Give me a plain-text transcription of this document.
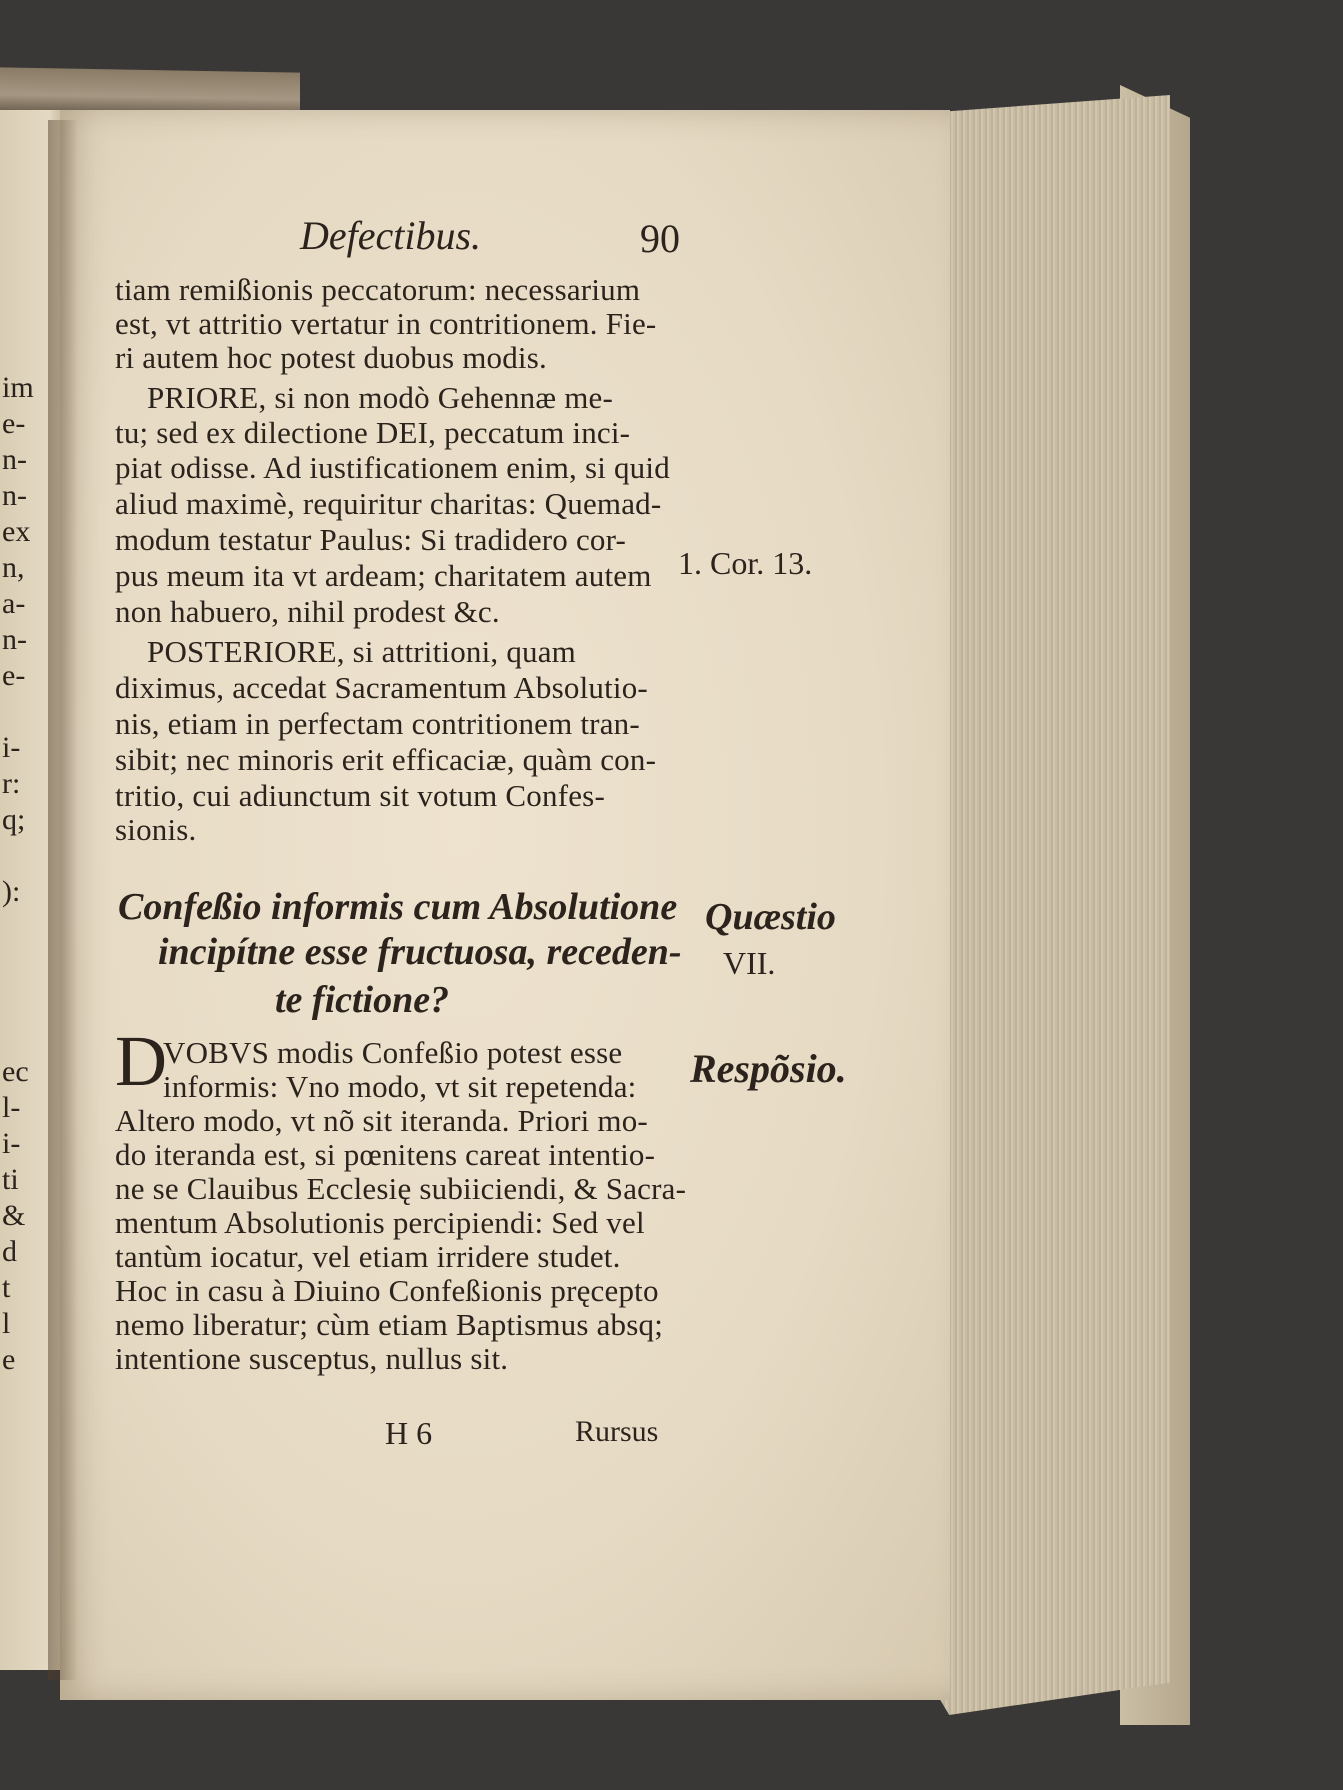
im
e-
n-
n-
ex
n,
a-
n-
e-
i-
r:
q;
):
ec
l-
i-
ti
&
d
t
l
e
Defectibus.	90
tiam remißionis peccatorum: necessarium
est, vt attritio vertatur in contritionem. Fie-
ri autem hoc potest duobus modis.
PRIORE, si non modò Gehennæ me-
tu; sed ex dilectione DEI, peccatum inci-
piat odisse. Ad iustificationem enim, si quid
aliud maximè, requiritur charitas: Quemad-
modum testatur Paulus: Si tradidero cor-
pus meum ita vt ardeam; charitatem autem
non habuero, nihil prodest &c.
POSTERIORE, si attritioni, quam
diximus, accedat Sacramentum Absolutio-
nis, etiam in perfectam contritionem tran-
sibit; nec minoris erit efficaciæ, quàm con-
tritio, cui adiunctum sit votum Confes-
sionis.
1. Cor. 13.
Confeßio informis cum Absolutione
incipítne esse fructuosa, receden-
te fictione?
Quæstio
VII.
Respõsio.
D
VOBVS modis Confeßio potest esse
informis: Vno modo, vt sit repetenda:
Altero modo, vt nõ sit iteranda. Priori mo-
do iteranda est, si pœnitens careat intentio-
ne se Clauibus Ecclesię subiiciendi, & Sacra-
mentum Absolutionis percipiendi: Sed vel
tantùm iocatur, vel etiam irridere studet.
Hoc in casu à Diuino Confeßionis pręcepto
nemo liberatur; cùm etiam Baptismus absq;
intentione susceptus, nullus sit.
H 6	Rursus
